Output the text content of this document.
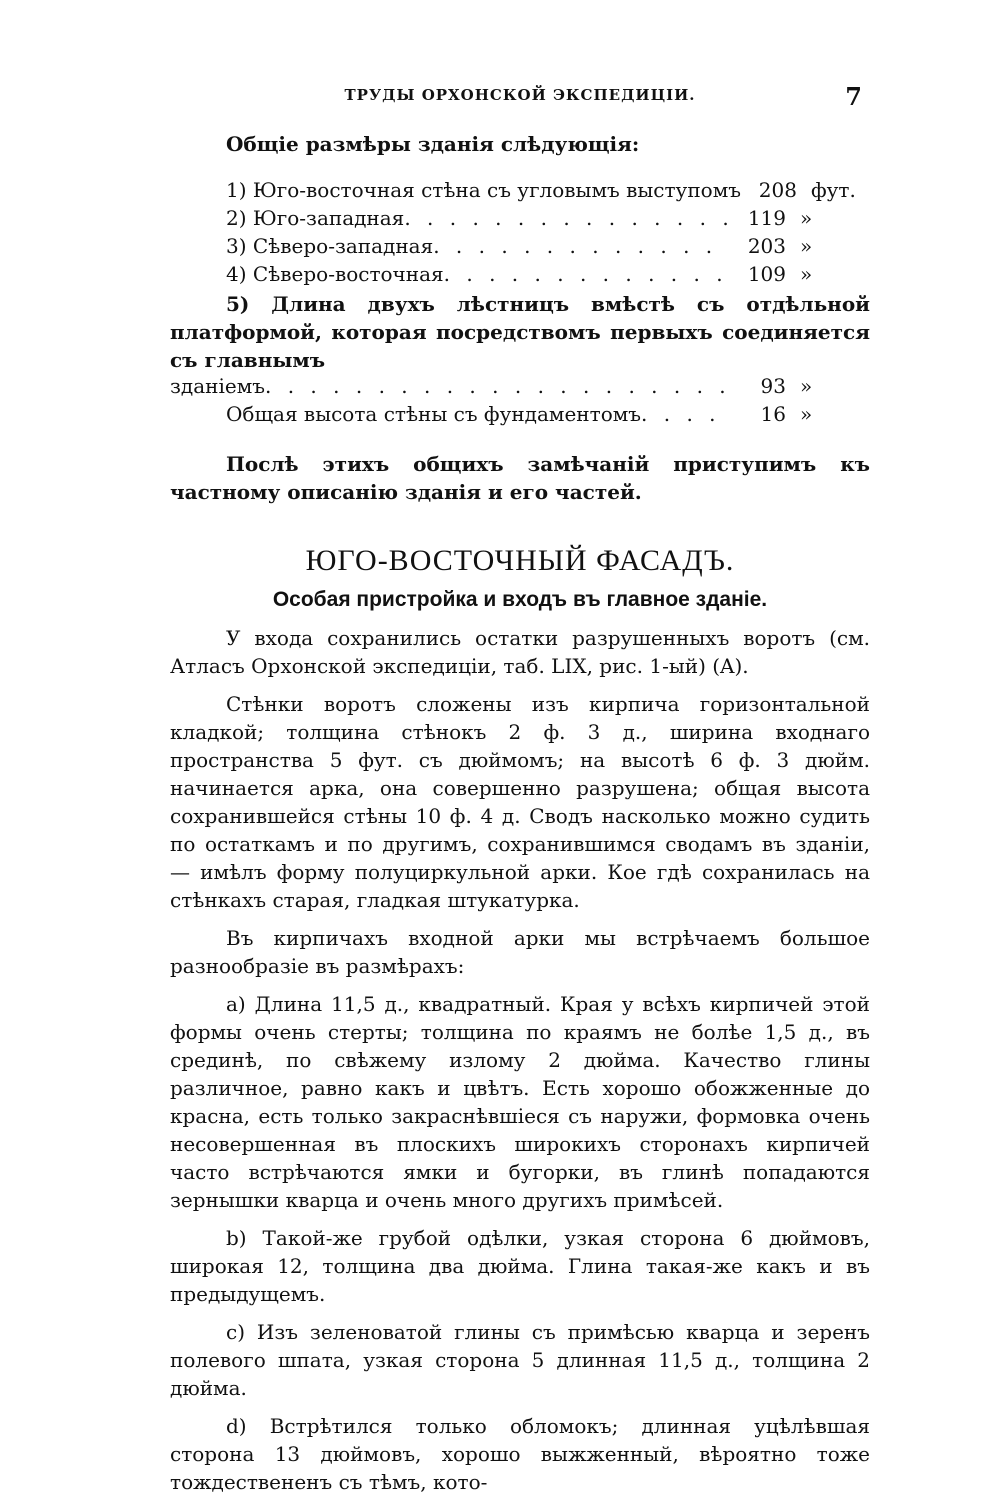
ТРУДЫ ОРХОНСКОЙ ЭКСПЕДИЦІИ.	7
Общіе размѣры зданія слѣдующія:
1) Юго-восточная стѣна съ угловымъ выступомъ 208 фут.
2) Юго-западная . . .	119 »
3) Сѣверо-западная . . .	203 »
4) Сѣверо-восточная . . .	109 »

5) Длина двухъ лѣстницъ вмѣстѣ съ отдѣльной платформой, которая посредствомъ первыхъ соединяется съ главнымъ

зданіемъ . . .	93 »
Общая высота стѣны съ фундаментомъ . . .	16 »

Послѣ этихъ общихъ замѣчаній приступимъ къ частному описанію зданія и его частей.

ЮГО-ВОСТОЧНЫЙ ФАСАДЪ.
Особая пристройка и входъ въ главное зданіе.

У входа сохранились остатки разрушенныхъ воротъ (см. Атласъ Орхонской экспедиціи, таб. LIX, рис. 1-ый) (A).

Стѣнки воротъ сложены изъ кирпича горизонтальной кладкой; толщина стѣнокъ 2 ф. 3 д., ширина входнаго пространства 5 фут. съ дюймомъ; на высотѣ 6 ф. 3 дюйм. начинается арка, она совершенно разрушена; общая высота сохранившейся стѣны 10 ф. 4 д. Сводъ насколько можно судить по остаткамъ и по другимъ, сохранившимся сводамъ въ зданіи, — имѣлъ форму полуциркульной арки. Кое гдѣ сохранилась на стѣнкахъ старая, гладкая штукатурка.

Въ кирпичахъ входной арки мы встрѣчаемъ большое разнообразіе въ размѣрахъ:

a) Длина 11,5 д., квадратный. Края у всѣхъ кирпичей этой формы очень стерты; толщина по краямъ не болѣе 1,5 д., въ срединѣ, по свѣжему излому 2 дюйма. Качество глины различное, равно какъ и цвѣтъ. Есть хорошо обожженные до красна, есть только закраснѣвшіеся съ наружи, формовка очень несовершенная въ плоскихъ широкихъ сторонахъ кирпичей часто встрѣчаются ямки и бугорки, въ глинѣ попадаются зернышки кварца и очень много другихъ примѣсей.

b) Такой-же грубой одѣлки, узкая сторона 6 дюймовъ, широкая 12, толщина два дюйма. Глина такая-же какъ и въ предыдущемъ.

c) Изъ зеленоватой глины съ примѣсью кварца и зеренъ полевого шпата, узкая сторона 5 длинная 11,5 д., толщина 2 дюйма.

d) Встрѣтился только обломокъ; длинная уцѣлѣвшая сторона 13 дюймовъ, хорошо выжженный, вѣроятно тоже тождествененъ съ тѣмъ, кото-
